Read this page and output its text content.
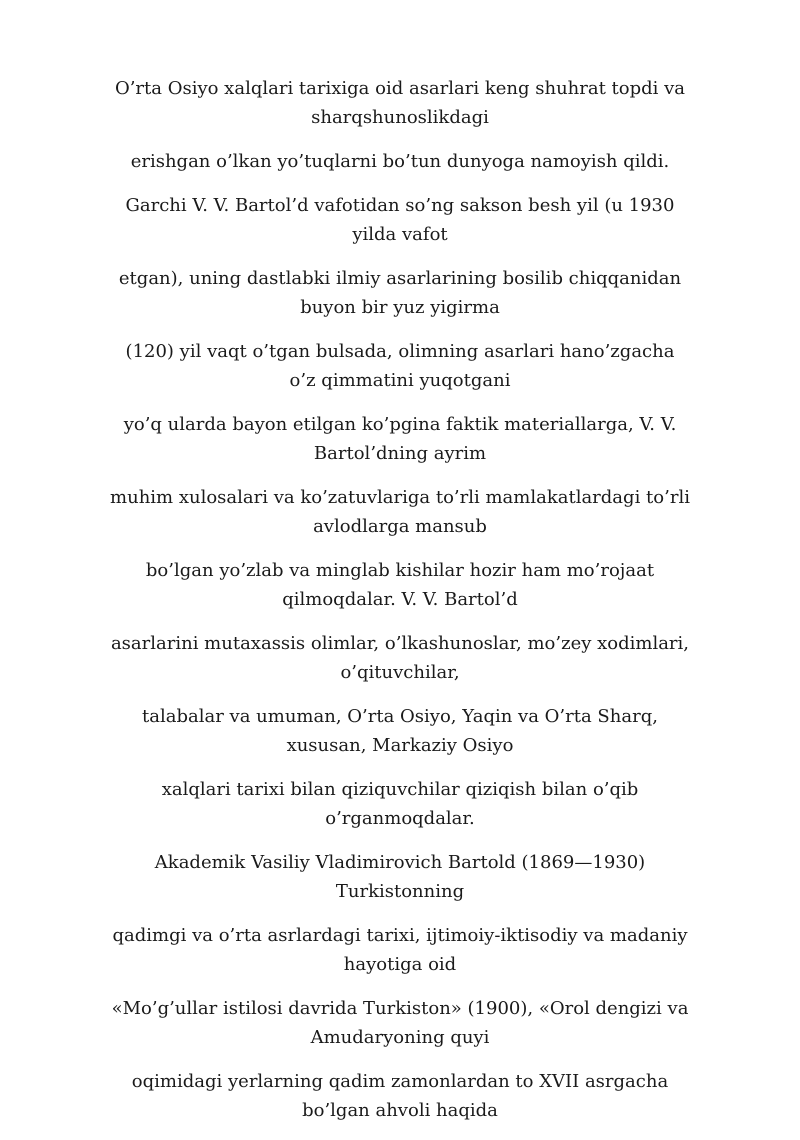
O’rta Osiyo xalqlari tarixiga oid asarlari keng shuhrat topdi va sharqshunoslikdagi

erishgan o’lkan yo’tuqlarni bo’tun dunyoga namoyish qildi.

Garchi V. V. Bartol’d vafotidan so’ng sakson besh yil (u 1930 yilda vafot

etgan), uning dastlabki ilmiy asarlarining bosilib chiqqanidan buyon bir yuz yigirma

(120) yil vaqt o’tgan bulsada, olimning asarlari hano’zgacha o’z qimmatini yuqotgani

yo’q ularda bayon etilgan ko’pgina faktik materiallarga, V. V. Bartol’dning ayrim

muhim xulosalari va ko’zatuvlariga to’rli mamlakatlardagi to’rli avlodlarga mansub

bo’lgan yo’zlab va minglab kishilar hozir ham mo’rojaat qilmoqdalar. V. V. Bartol’d

asarlarini mutaxassis olimlar, o’lkashunoslar, mo’zey xodimlari, o’qituvchilar,

talabalar va umuman, O’rta Osiyo, Yaqin va O’rta Sharq, xususan, Markaziy Osiyo

xalqlari tarixi bilan qiziquvchilar qiziqish bilan o’qib o’rganmoqdalar.

Akademik Vasiliy Vladimirovich Bartold (1869—1930) Turkistonning

qadimgi va o’rta asrlardagi tarixi, ijtimoiy-iktisodiy va madaniy hayotiga oid

«Mo’g’ullar istilosi davrida Turkiston» (1900), «Orol dengizi va Amudaryoning quyi

oqimidagi yerlarning qadim zamonlardan to XVII asrgacha bo’lgan ahvoli haqida
